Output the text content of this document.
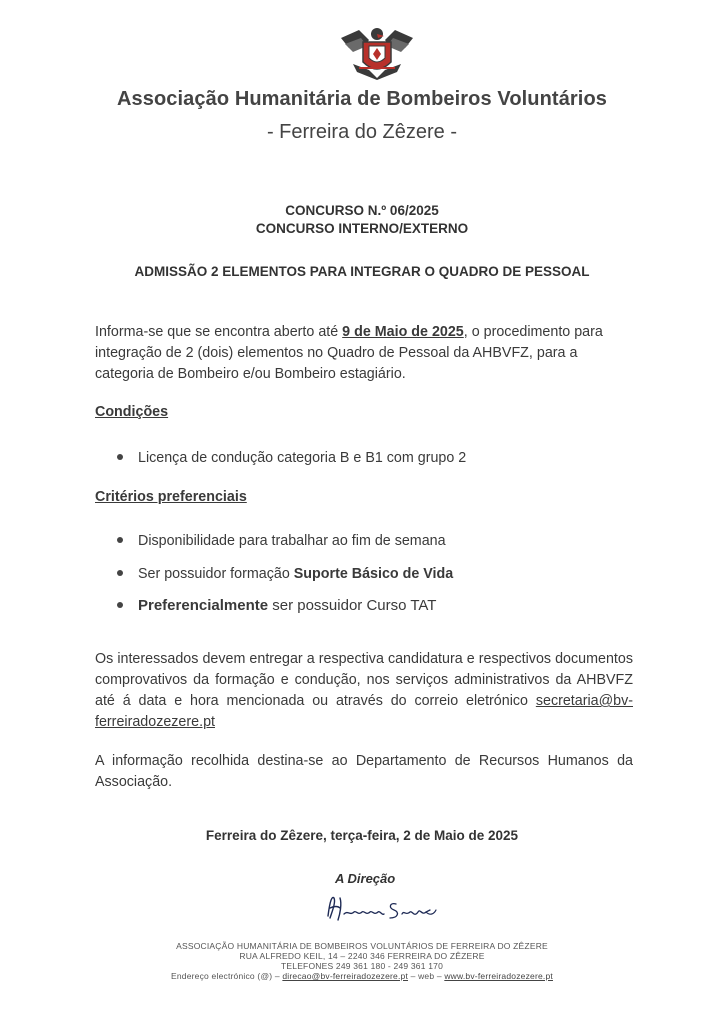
Associação Humanitária de Bombeiros Voluntários
- Ferreira do Zêzere -
CONCURSO N.º 06/2025
CONCURSO INTERNO/EXTERNO
ADMISSÃO 2 ELEMENTOS PARA INTEGRAR O QUADRO DE PESSOAL
Informa-se que se encontra aberto até 9 de Maio de 2025, o procedimento para integração de 2 (dois) elementos no Quadro de Pessoal da AHBVFZ, para a categoria de Bombeiro e/ou Bombeiro estagiário.
Condições
Licença de condução categoria B e B1 com grupo 2
Critérios preferenciais
Disponibilidade para trabalhar ao fim de semana
Ser possuidor formação Suporte Básico de Vida
Preferencialmente ser possuidor Curso TAT
Os interessados devem entregar a respectiva candidatura e respectivos documentos comprovativos da formação e condução, nos serviços administrativos da AHBVFZ até á data e hora mencionada ou através do correio eletrónico secretaria@bv-ferreiradozezere.pt
A informação recolhida destina-se ao Departamento de Recursos Humanos da Associação.
Ferreira do Zêzere, terça-feira, 2 de Maio de 2025
A Direção
ASSOCIAÇÃO HUMANITÁRIA DE BOMBEIROS VOLUNTÁRIOS DE FERREIRA DO ZÊZERE
RUA ALFREDO KEIL, 14 – 2240 346 FERREIRA DO ZÊZERE
TELEFONES 249 361 180 - 249 361 170
Endereço electrónico (@) – direcao@bv-ferreiradozezere.pt – web – www.bv-ferreiradozezere.pt
